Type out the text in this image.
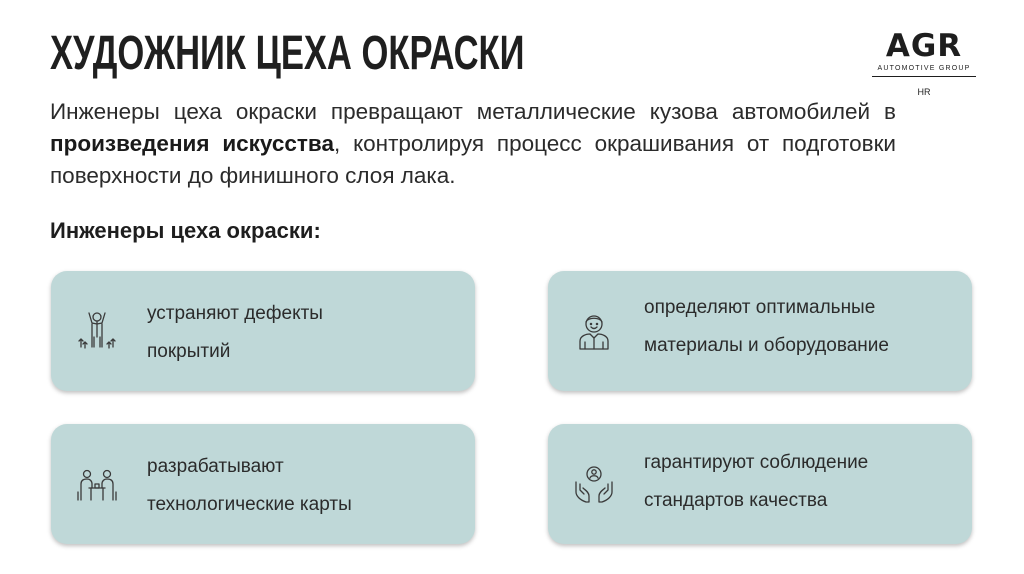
ХУДОЖНИК ЦЕХА ОКРАСКИ	AGR
AUTOMOTIVE GROUP
HR
Инженеры цеха окраски превращают металлические кузова автомобилей в произведения искусства, контролируя процесс окрашивания от подготовки поверхности до финишного слоя лака.
Инженеры цеха окраски:
устраняют дефекты
покрытий
определяют оптимальные
материалы и оборудование
разрабатывают
технологические карты
гарантируют соблюдение
стандартов качества
